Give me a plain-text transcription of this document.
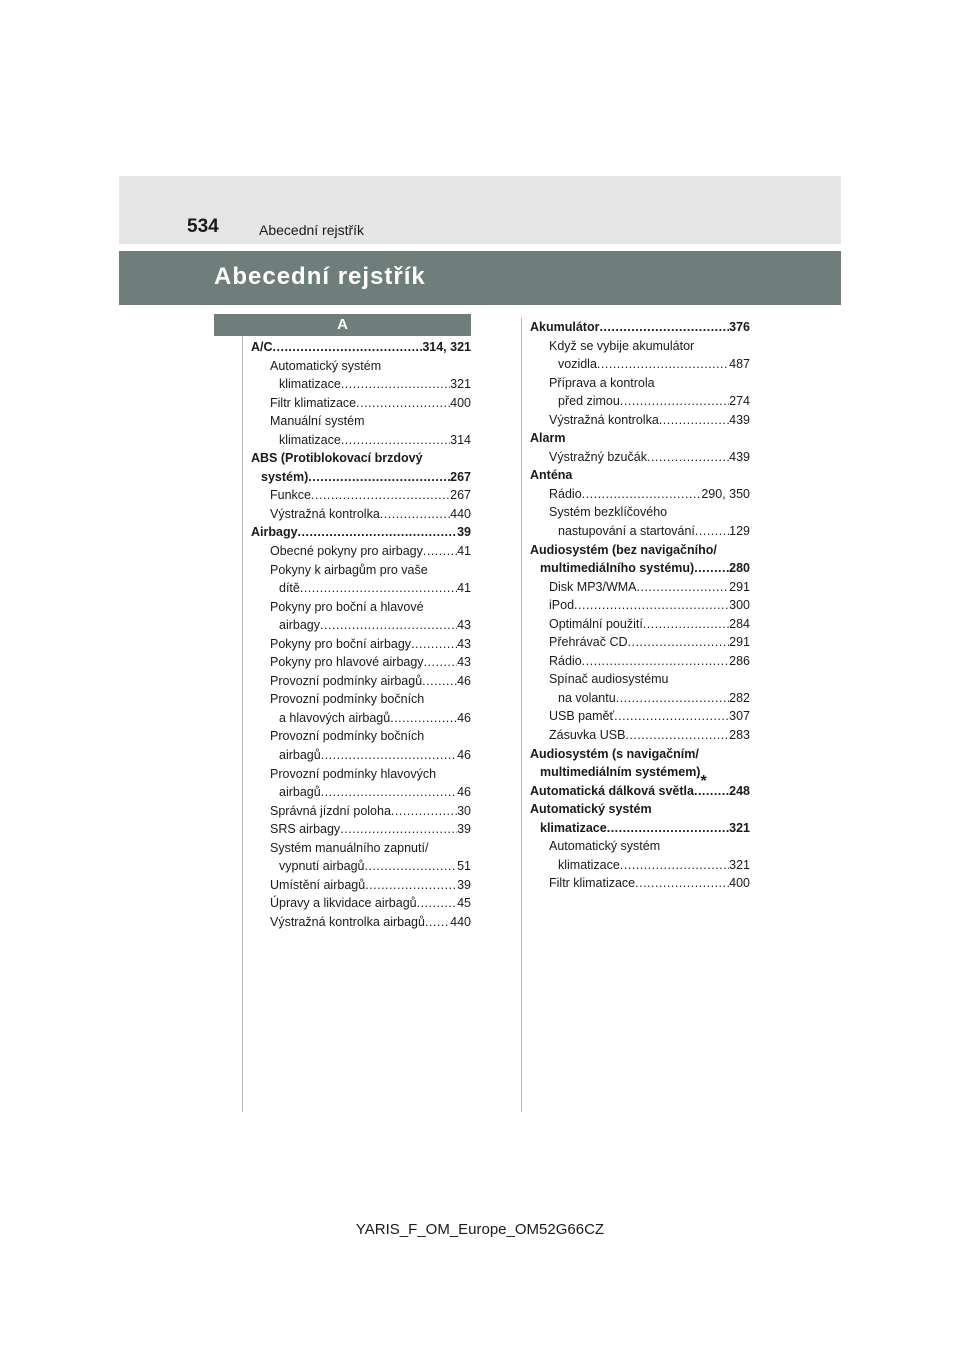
534	Abecední rejstřík
Abecední rejstřík
A
A/C .....	314, 321
Automatický systém
klimatizace .....	321
Filtr klimatizace .....	400
Manuální systém
klimatizace .....	314
ABS (Protiblokovací brzdový
systém) .....	267
Funkce .....	267
Výstražná kontrolka .....	440
Airbagy .....	39
Obecné pokyny pro airbagy .....	41
Pokyny k airbagům pro vaše
dítě .....	41
Pokyny pro boční a hlavové
airbagy .....	43
Pokyny pro boční airbagy .....	43
Pokyny pro hlavové airbagy .....	43
Provozní podmínky airbagů .....	46
Provozní podmínky bočních
a hlavových airbagů .....	46
Provozní podmínky bočních
airbagů .....	46
Provozní podmínky hlavových
airbagů .....	46
Správná jízdní poloha .....	30
SRS airbagy .....	39
Systém manuálního zapnutí/
vypnutí airbagů .....	51
Umístění airbagů .....	39
Úpravy a likvidace airbagů .....	45
Výstražná kontrolka airbagů ..... 440
Akumulátor .....	376
Když se vybije akumulátor
vozidla .....	487
Příprava a kontrola
před zimou .....	274
Výstražná kontrolka .....	439
Alarm
Výstražný bzučák .....	439
Anténa
Rádio .....	290, 350
Systém bezklíčového
nastupování a startování .....	129
Audiosystém (bez navigačního/
multimediálního systému) .....	280
Disk MP3/WMA .....	291
iPod .....	300
Optimální použití .....	284
Přehrávač CD .....	291
Rádio .....	286
Spínač audiosystému
na volantu .....	282
USB paměť .....	307
Zásuvka USB .....	283
Audiosystém (s navigačním/
multimediálním systémem)
*
Automatická dálková světla .....	248
Automatický systém
klimatizace .....	321
Automatický systém
klimatizace .....	321
Filtr klimatizace .....	400
YARIS_F_OM_Europe_OM52G66CZ
